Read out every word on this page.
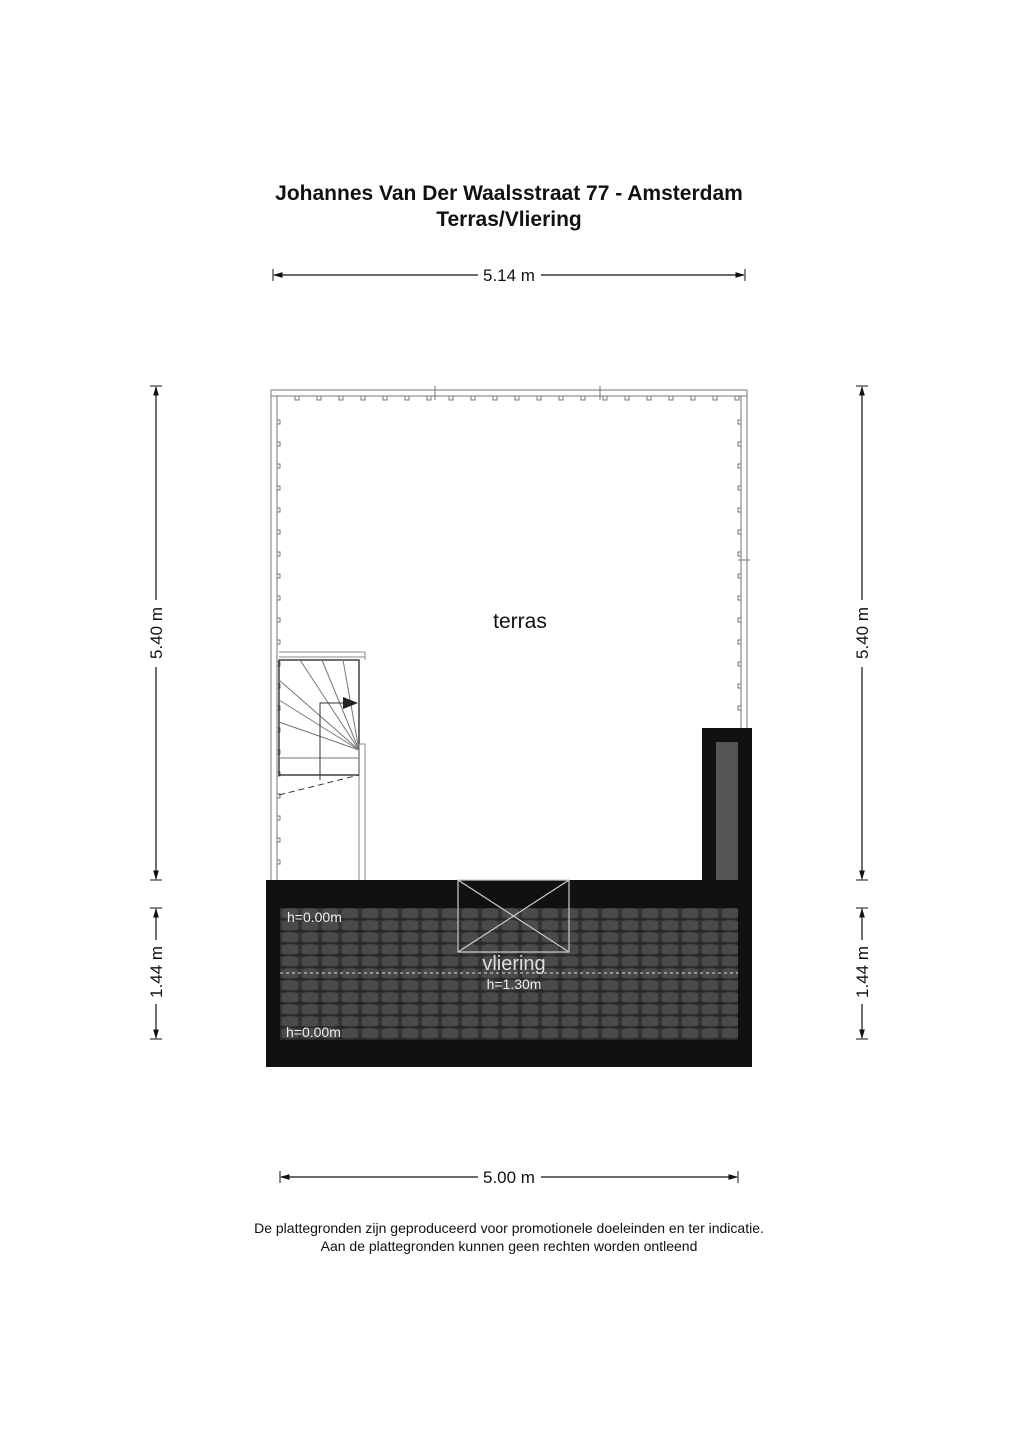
Johannes Van Der Waalsstraat 77 - Amsterdam
Terras/Vliering
5.14 m
5.00 m
5.40 m
1.44 m
5.40 m
1.44 m
terras
vliering
h=0.00m
h=1.30m
h=0.00m
De plattegronden zijn geproduceerd voor promotionele doeleinden en ter indicatie.
Aan de plattegronden kunnen geen rechten worden ontleend
